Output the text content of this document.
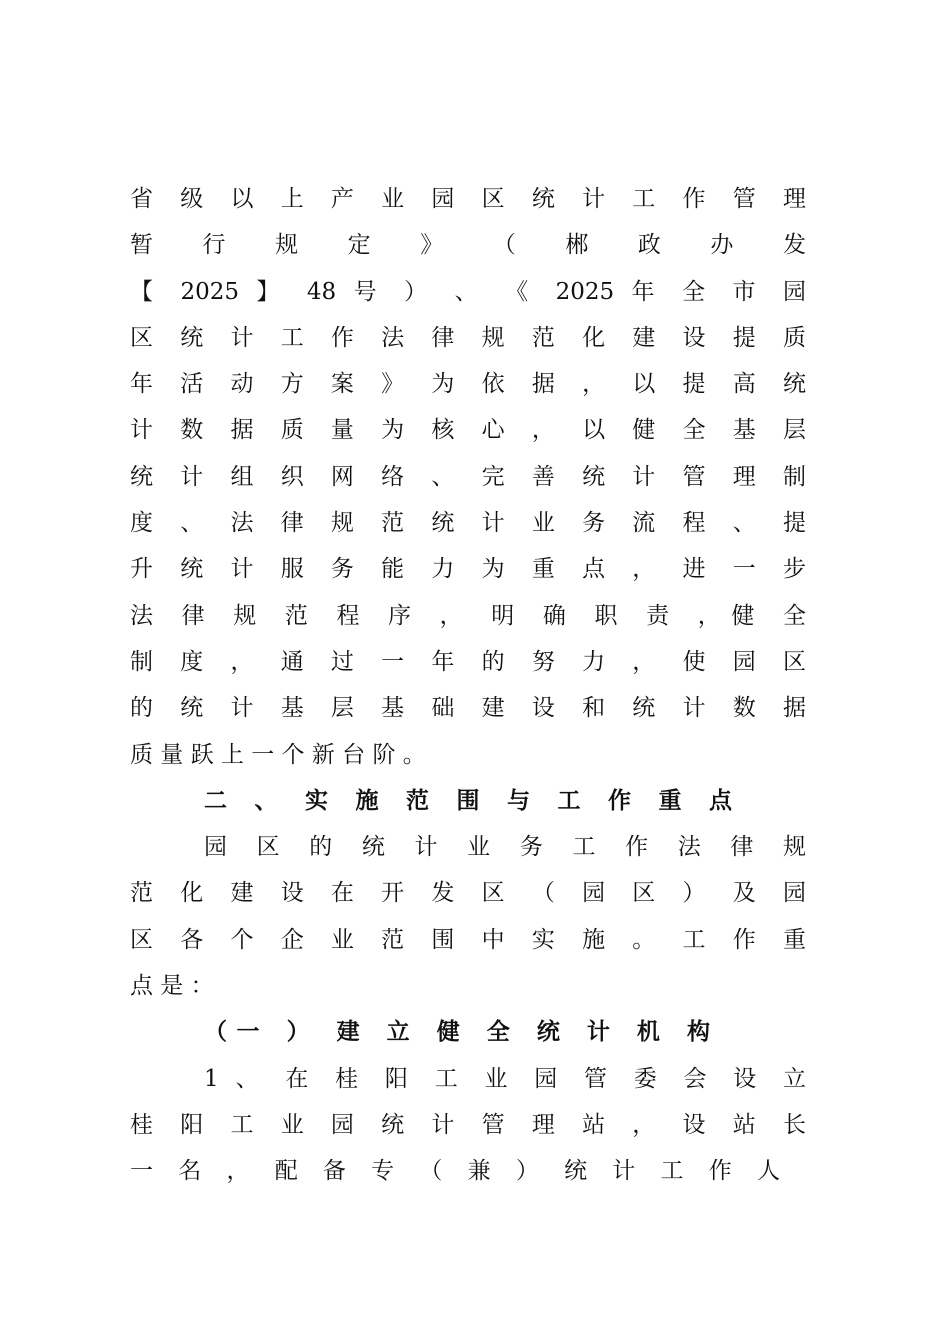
省 级 以 上 产 业 园 区 统 计 工 作 管 理
暂 行 规 定 》 （ 郴 政 办 发
【 2025 】 48 号 ） 、 《 2025 年 全 市 园
区 统 计 工 作 法 律 规 范 化 建 设 提 质
年 活 动 方 案 》 为 依 据 ， 以 提 高 统
计 数 据 质 量 为 核 心 ， 以 健 全 基 层
统 计 组 织 网 络 、 完 善 统 计 管 理 制
度 、 法 律 规 范 统 计 业 务 流 程 、 提
升 统 计 服 务 能 力 为 重 点 ， 进 一 步
法 律 规 范 程 序 ， 明 确 职 责 ，健 全
制 度 ， 通 过 一 年 的 努 力 ， 使 园 区
的 统 计 基 层 基 础 建 设 和 统 计 数 据
质 量 跃 上 一 个 新 台 阶 。
二 、 实 施 范 围 与 工 作 重 点
园 区 的 统 计 业 务 工 作 法 律 规
范 化 建 设 在 开 发 区 （ 园 区 ） 及 园
区 各 个 企 业 范 围 中 实 施 。 工 作 重
点 是 ：
（一 ） 建 立 健 全 统 计 机 构
1 、 在 桂 阳 工 业 园 管 委 会 设 立
桂 阳 工 业 园 统 计 管 理 站 ， 设 站 长
一 名 ， 配 备 专 （ 兼 ） 统 计 工 作 人
